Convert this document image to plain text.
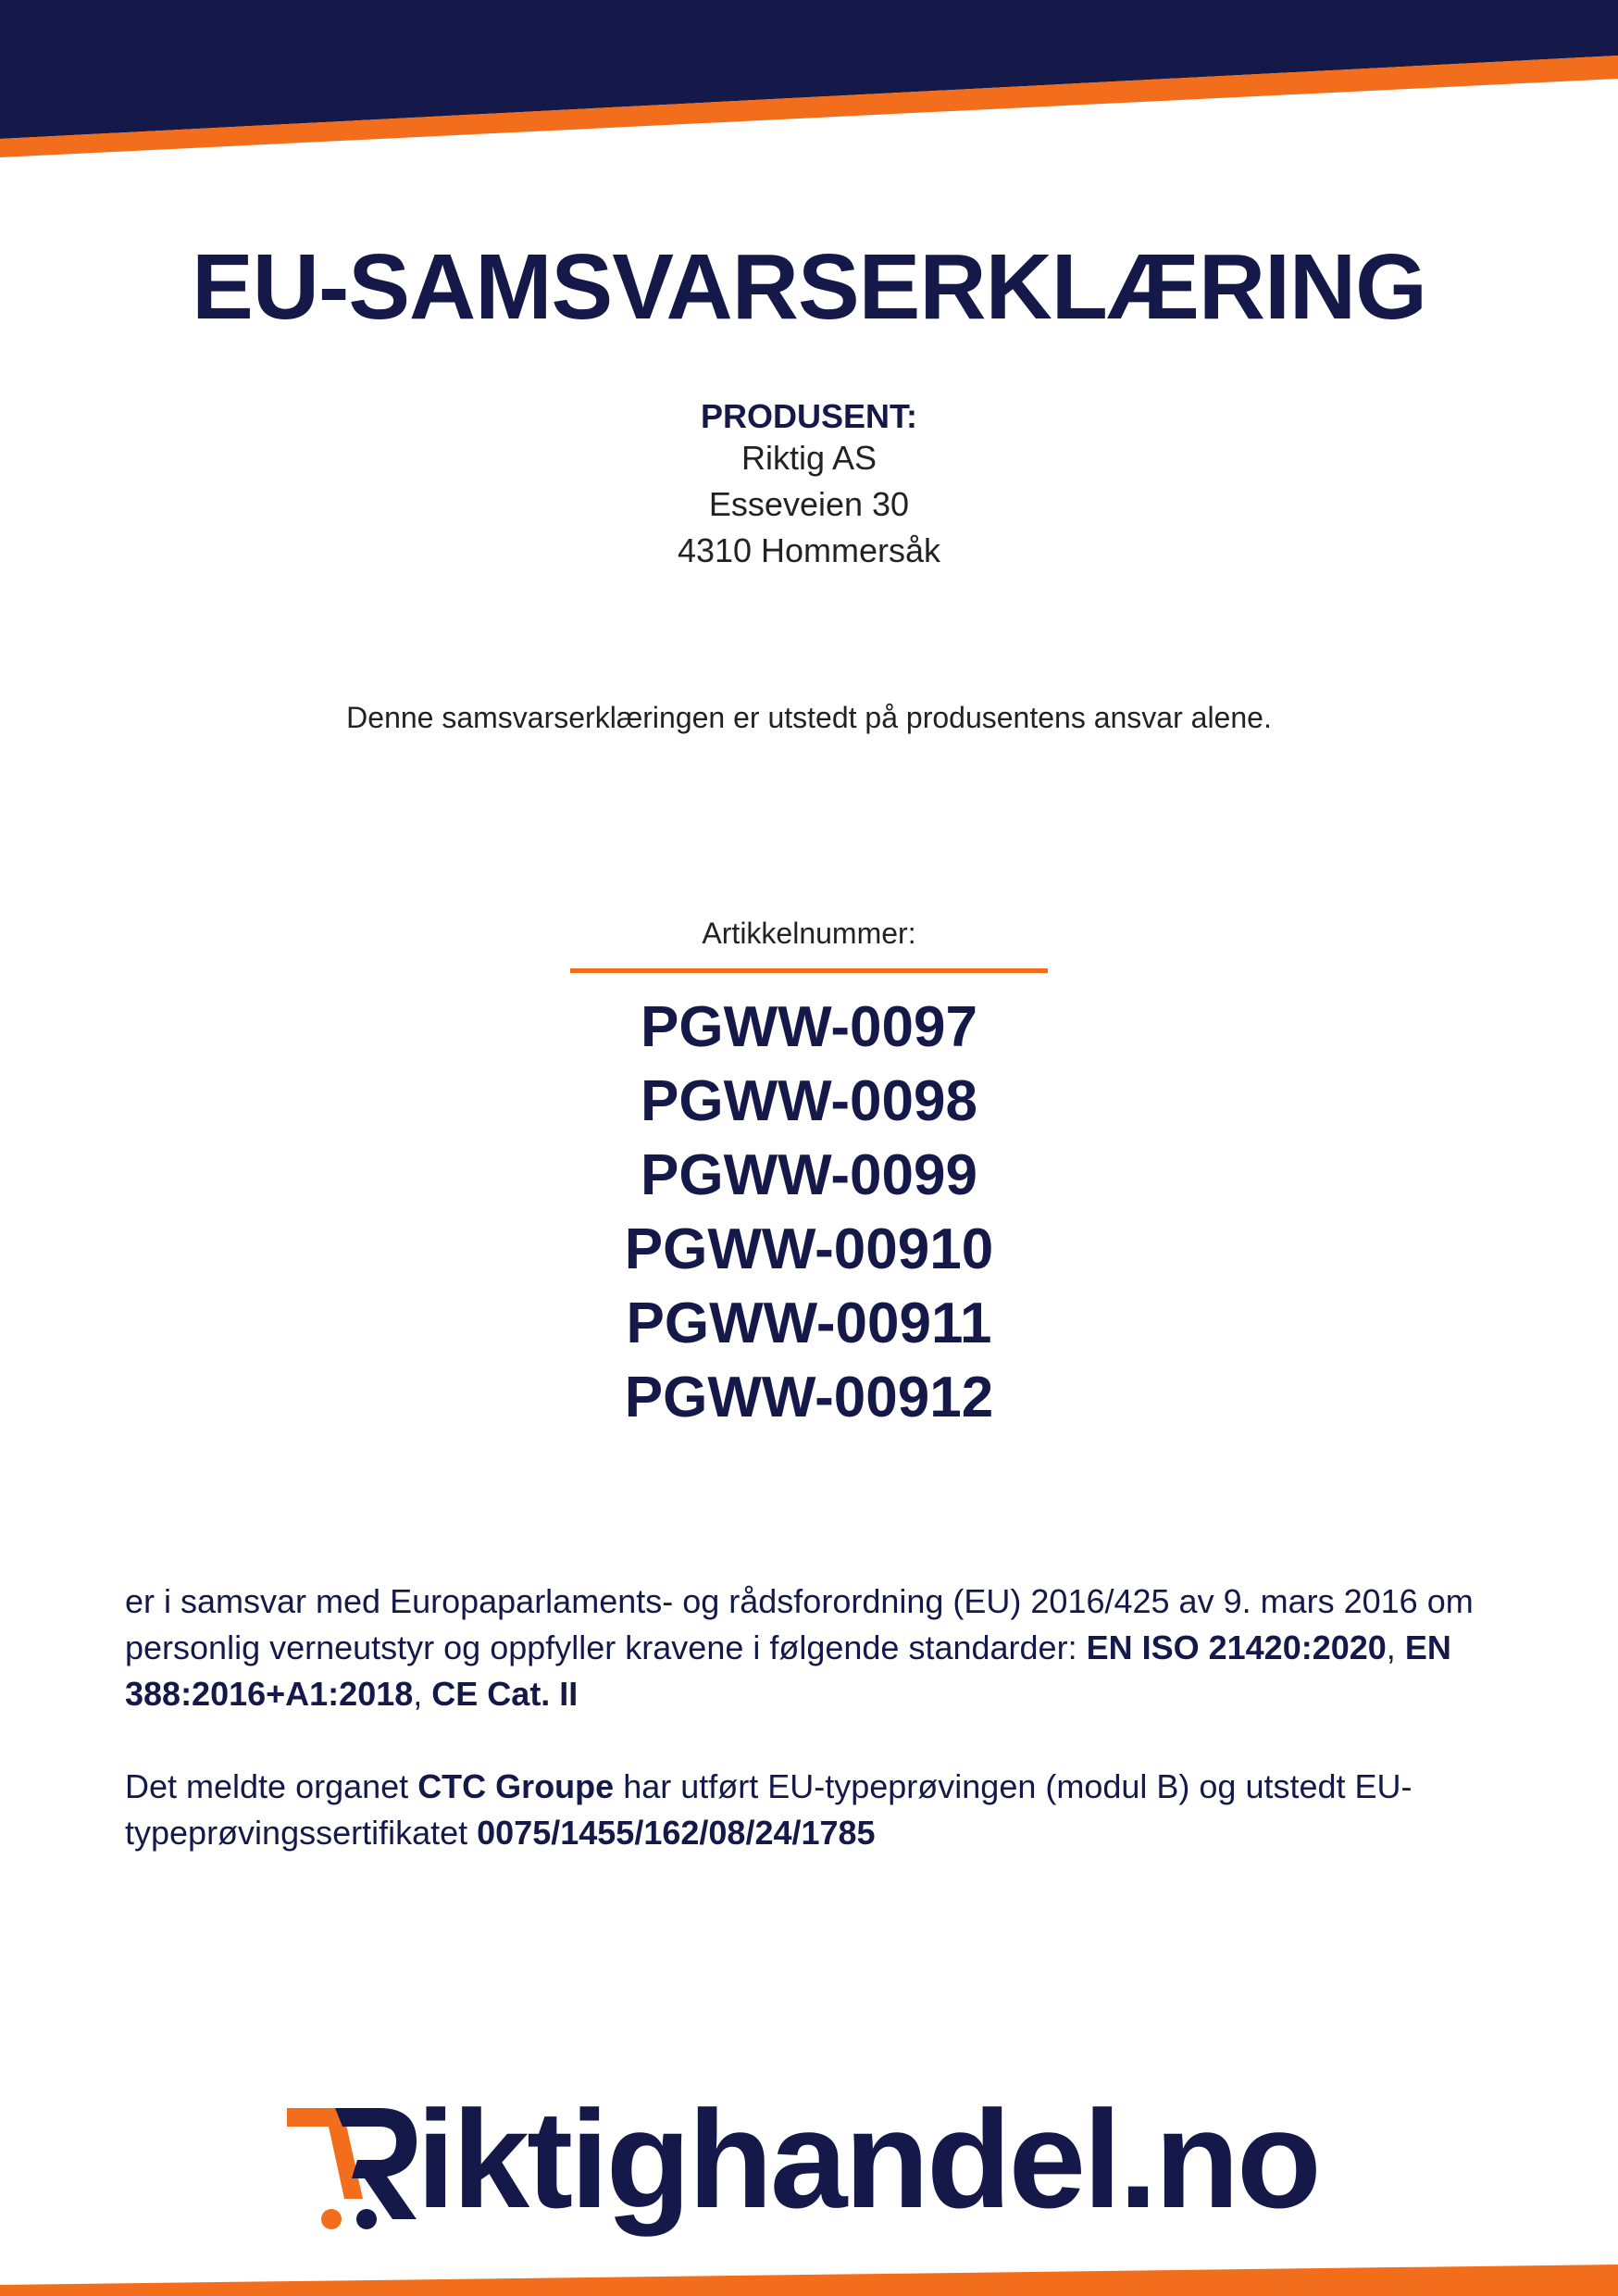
EU-SAMSVARSERKLÆRING
PRODUSENT:
Riktig AS
Esseveien 30
4310 Hommersåk
Denne samsvarserklæringen er utstedt på produsentens ansvar alene.
Artikkelnummer:
PGWW-0097
PGWW-0098
PGWW-0099
PGWW-00910
PGWW-00911
PGWW-00912
er i samsvar med Europaparlaments- og rådsforordning (EU) 2016/425 av 9. mars 2016 om personlig verneutstyr og oppfyller kravene i følgende standarder: EN ISO 21420:2020, EN 388:2016+A1:2018, CE Cat. II
Det meldte organet CTC Groupe har utført EU-typeprøvingen (modul B) og utstedt EU-typeprøvingssertifikatet 0075/1455/162/08/24/1785
iktighandel.no
